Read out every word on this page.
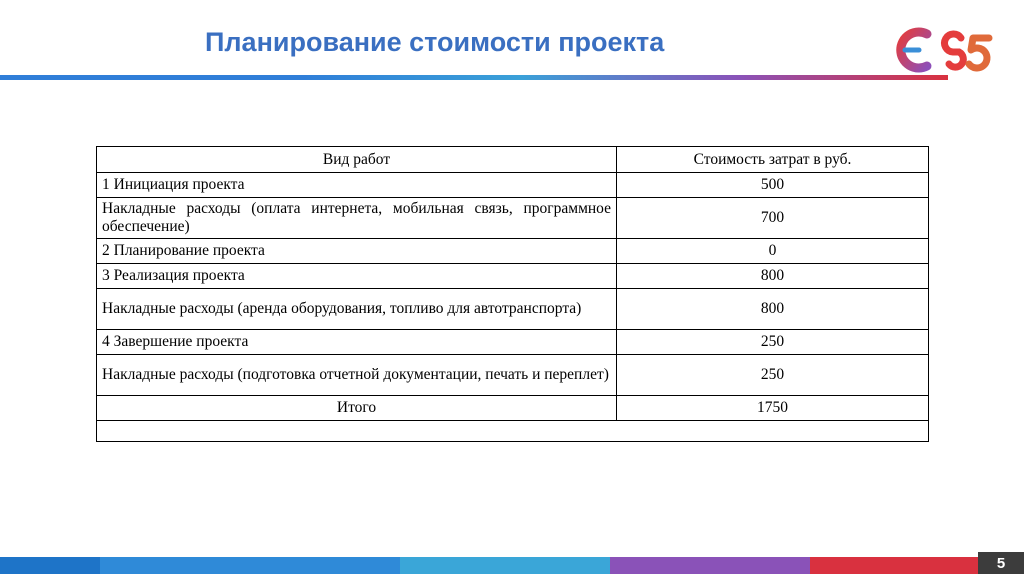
Планирование стоимости проекта
Вид работ	Стоимость затрат в руб.
1 Инициация проекта	500
Накладные расходы (оплата интернета, мобильная связь, программное обеспечение)	700
2 Планирование проекта	0
3 Реализация проекта	800
Накладные расходы (аренда оборудования, топливо для автотранспорта)	800
4 Завершение проекта	250
Накладные расходы (подготовка отчетной документации, печать и переплет)	250
Итого	1750

5
